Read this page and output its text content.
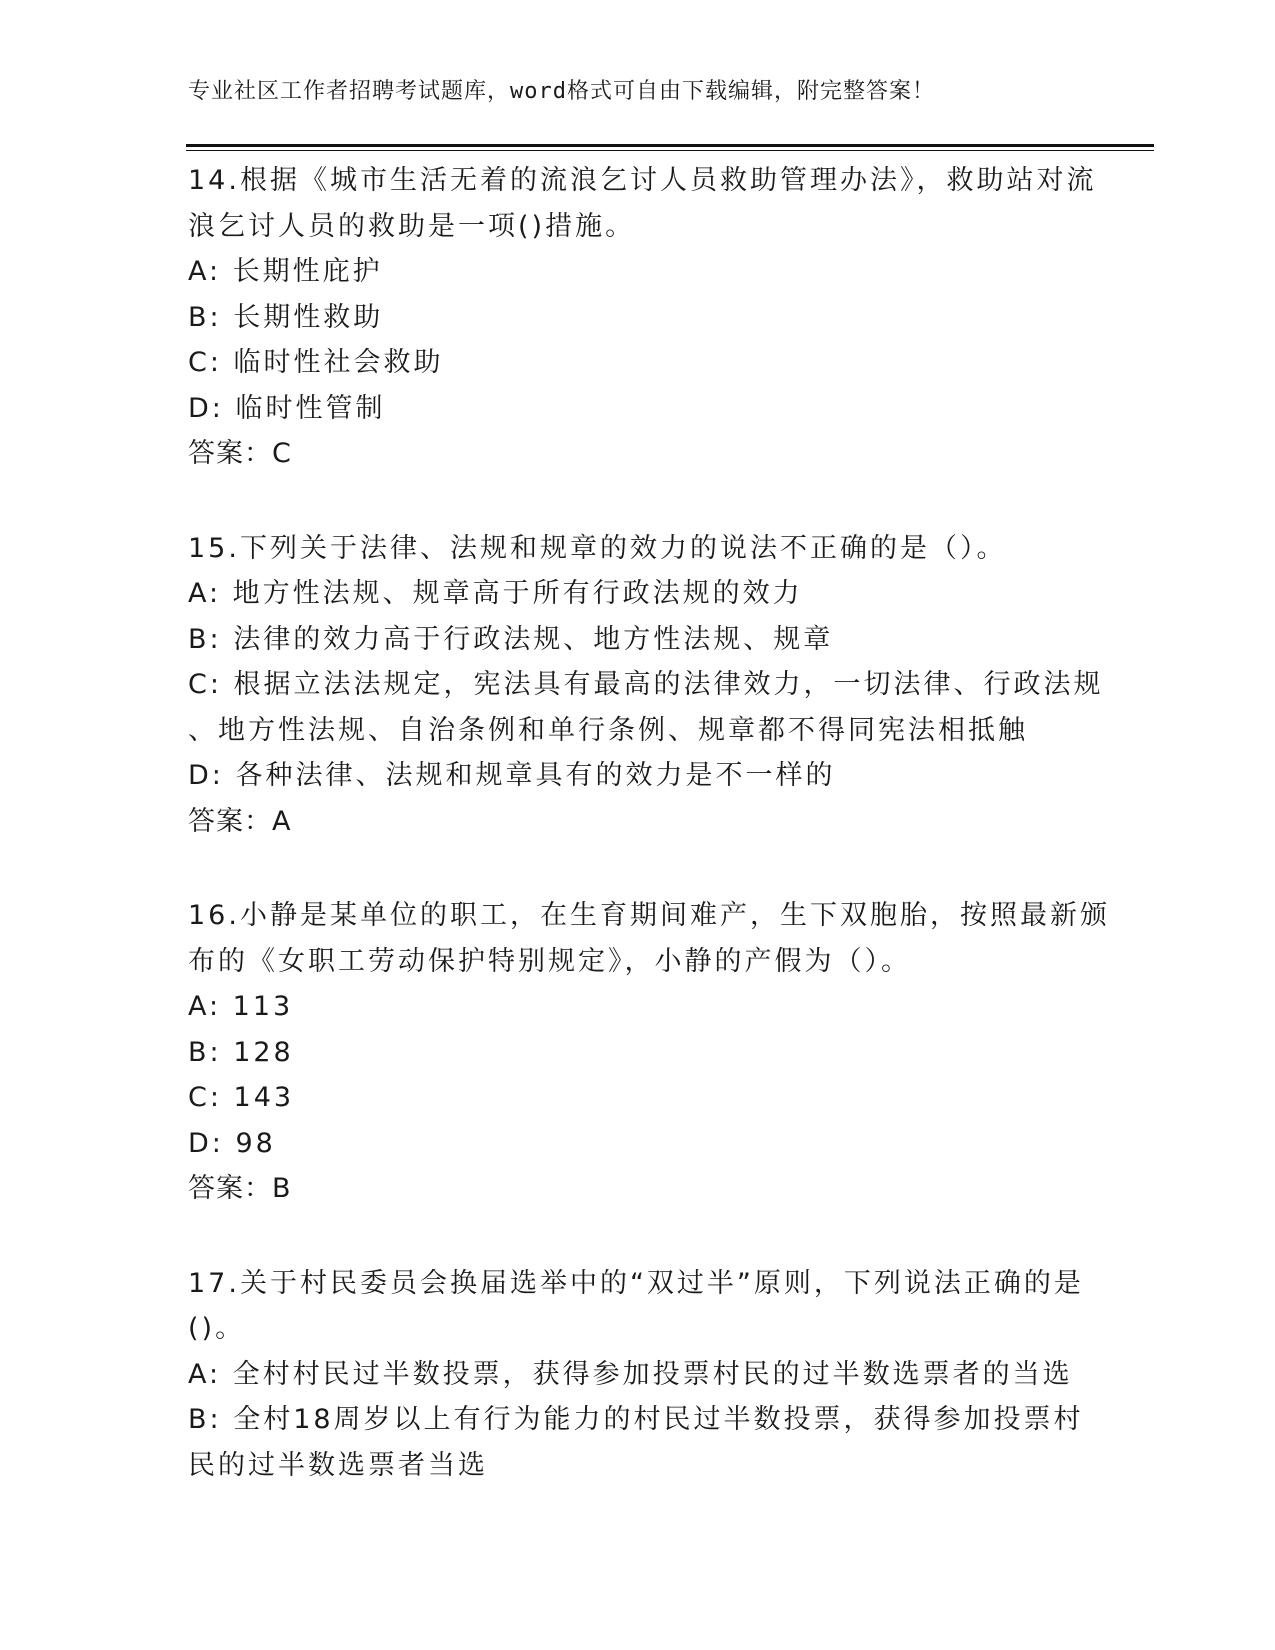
专业社区工作者招聘考试题库，word格式可自由下载编辑，附完整答案！
14.根据《城市生活无着的流浪乞讨人员救助管理办法》，救助站对流
浪乞讨人员的救助是一项()措施。
A: 长期性庇护
B: 长期性救助
C: 临时性社会救助
D: 临时性管制
答案：C
15.下列关于法律、法规和规章的效力的说法不正确的是（）。
A: 地方性法规、规章高于所有行政法规的效力
B: 法律的效力高于行政法规、地方性法规、规章
C: 根据立法法规定，宪法具有最高的法律效力，一切法律、行政法规
、地方性法规、自治条例和单行条例、规章都不得同宪法相抵触
D: 各种法律、法规和规章具有的效力是不一样的
答案：A
16.小静是某单位的职工，在生育期间难产，生下双胞胎，按照最新颁
布的《女职工劳动保护特别规定》，小静的产假为（）。
A: 113
B: 128
C: 143
D: 98
答案：B
17.关于村民委员会换届选举中的“双过半”原则，下列说法正确的是
()。
A: 全村村民过半数投票，获得参加投票村民的过半数选票者的当选
B: 全村18周岁以上有行为能力的村民过半数投票，获得参加投票村
民的过半数选票者当选
